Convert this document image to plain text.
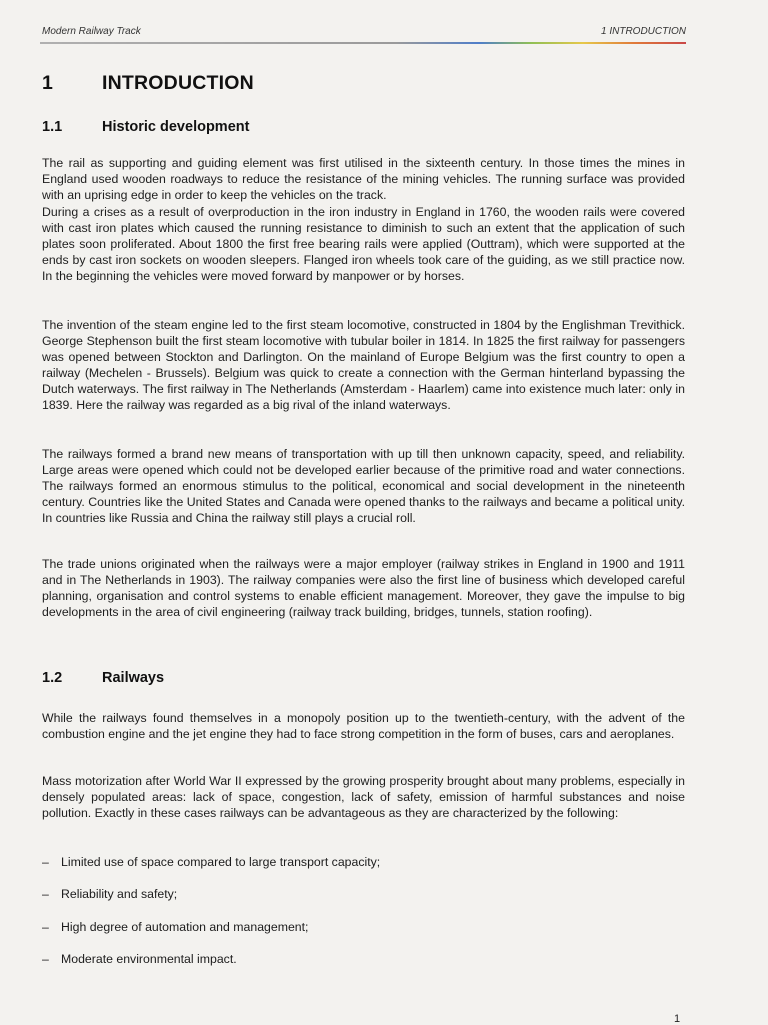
Modern Railway Track	1 INTRODUCTION
1	INTRODUCTION
1.1	Historic development
The rail as supporting and guiding element was first utilised in the sixteenth century. In those times the mines in England used wooden roadways to reduce the resistance of the mining vehicles. The running surface was provided with an uprising edge in order to keep the vehicles on the track.
During a crises as a result of overproduction in the iron industry in England in 1760, the wooden rails were covered with cast iron plates which caused the running resistance to diminish to such an extent that the application of such plates soon proliferated. About 1800 the first free bearing rails were applied (Outtram), which were supported at the ends by cast iron sockets on wooden sleepers. Flanged iron wheels took care of the guiding, as we still practice now. In the beginning the vehicles were moved forward by manpower or by horses.
The invention of the steam engine led to the first steam locomotive, constructed in 1804 by the Englishman Trevithick. George Stephenson built the first steam locomotive with tubular boiler in 1814. In 1825 the first railway for passengers was opened between Stockton and Darlington. On the mainland of Europe Belgium was the first country to open a railway (Mechelen - Brussels). Belgium was quick to create a connection with the German hinterland bypassing the Dutch waterways. The first railway in The Netherlands (Amsterdam - Haarlem) came into existence much later: only in 1839. Here the railway was regarded as a big rival of the inland waterways.
The railways formed a brand new means of transportation with up till then unknown capacity, speed, and reliability. Large areas were opened which could not be developed earlier because of the primitive road and water connections. The railways formed an enormous stimulus to the political, economical and social development in the nineteenth century. Countries like the United States and Canada were opened thanks to the railways and became a political unity. In countries like Russia and China the railway still plays a crucial roll.
The trade unions originated when the railways were a major employer (railway strikes in England in 1900 and 1911 and in The Netherlands in 1903). The railway companies were also the first line of business which developed careful planning, organisation and control systems to enable efficient management. Moreover, they gave the impulse to big developments in the area of civil engineering (railway track building, bridges, tunnels, station roofing).
1.2	Railways
While the railways found themselves in a monopoly position up to the twentieth-century, with the advent of the combustion engine and the jet engine they had to face strong competition in the form of buses, cars and aeroplanes.
Mass motorization after World War II expressed by the growing prosperity brought about many problems, especially in densely populated areas: lack of space, congestion, lack of safety, emission of harmful substances and noise pollution. Exactly in these cases railways can be advantageous as they are characterized by the following:
– Limited use of space compared to large transport capacity;
– Reliability and safety;
– High degree of automation and management;
– Moderate environmental impact.
1
